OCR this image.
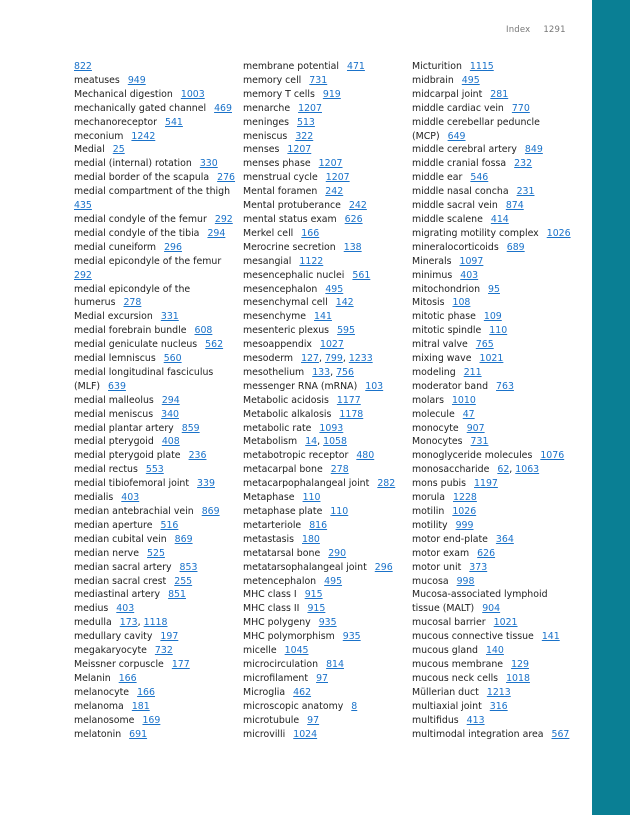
Index 1291
822
meatuses 949
Mechanical digestion 1003
mechanically gated channel 469
mechanoreceptor 541
meconium 1242
Medial 25
medial (internal) rotation 330
medial border of the scapula 276
medial compartment of the thigh
435
medial condyle of the femur 292
medial condyle of the tibia 294
medial cuneiform 296
medial epicondyle of the femur
292
medial epicondyle of the
humerus 278
Medial excursion 331
medial forebrain bundle 608
medial geniculate nucleus 562
medial lemniscus 560
medial longitudinal fasciculus
(MLF) 639
medial malleolus 294
medial meniscus 340
medial plantar artery 859
medial pterygoid 408
medial pterygoid plate 236
medial rectus 553
medial tibiofemoral joint 339
medialis 403
median antebrachial vein 869
median aperture 516
median cubital vein 869
median nerve 525
median sacral artery 853
median sacral crest 255
mediastinal artery 851
medius 403
medulla 173, 1118
medullary cavity 197
megakaryocyte 732
Meissner corpuscle 177
Melanin 166
melanocyte 166
melanoma 181
melanosome 169
melatonin 691
membrane potential 471
memory cell 731
memory T cells 919
menarche 1207
meninges 513
meniscus 322
menses 1207
menses phase 1207
menstrual cycle 1207
Mental foramen 242
Mental protuberance 242
mental status exam 626
Merkel cell 166
Merocrine secretion 138
mesangial 1122
mesencephalic nuclei 561
mesencephalon 495
mesenchymal cell 142
mesenchyme 141
mesenteric plexus 595
mesoappendix 1027
mesoderm 127, 799, 1233
mesothelium 133, 756
messenger RNA (mRNA) 103
Metabolic acidosis 1177
Metabolic alkalosis 1178
metabolic rate 1093
Metabolism 14, 1058
metabotropic receptor 480
metacarpal bone 278
metacarpophalangeal joint 282
Metaphase 110
metaphase plate 110
metarteriole 816
metastasis 180
metatarsal bone 290
metatarsophalangeal joint 296
metencephalon 495
MHC class I 915
MHC class II 915
MHC polygeny 935
MHC polymorphism 935
micelle 1045
microcirculation 814
microfilament 97
Microglia 462
microscopic anatomy 8
microtubule 97
microvilli 1024
Micturition 1115
midbrain 495
midcarpal joint 281
middle cardiac vein 770
middle cerebellar peduncle
(MCP) 649
middle cerebral artery 849
middle cranial fossa 232
middle ear 546
middle nasal concha 231
middle sacral vein 874
middle scalene 414
migrating motility complex 1026
mineralocorticoids 689
Minerals 1097
minimus 403
mitochondrion 95
Mitosis 108
mitotic phase 109
mitotic spindle 110
mitral valve 765
mixing wave 1021
modeling 211
moderator band 763
molars 1010
molecule 47
monocyte 907
Monocytes 731
monoglyceride molecules 1076
monosaccharide 62, 1063
mons pubis 1197
morula 1228
motilin 1026
motility 999
motor end-plate 364
motor exam 626
motor unit 373
mucosa 998
Mucosa-associated lymphoid
tissue (MALT) 904
mucosal barrier 1021
mucous connective tissue 141
mucous gland 140
mucous membrane 129
mucous neck cells 1018
Müllerian duct 1213
multiaxial joint 316
multifidus 413
multimodal integration area 567
